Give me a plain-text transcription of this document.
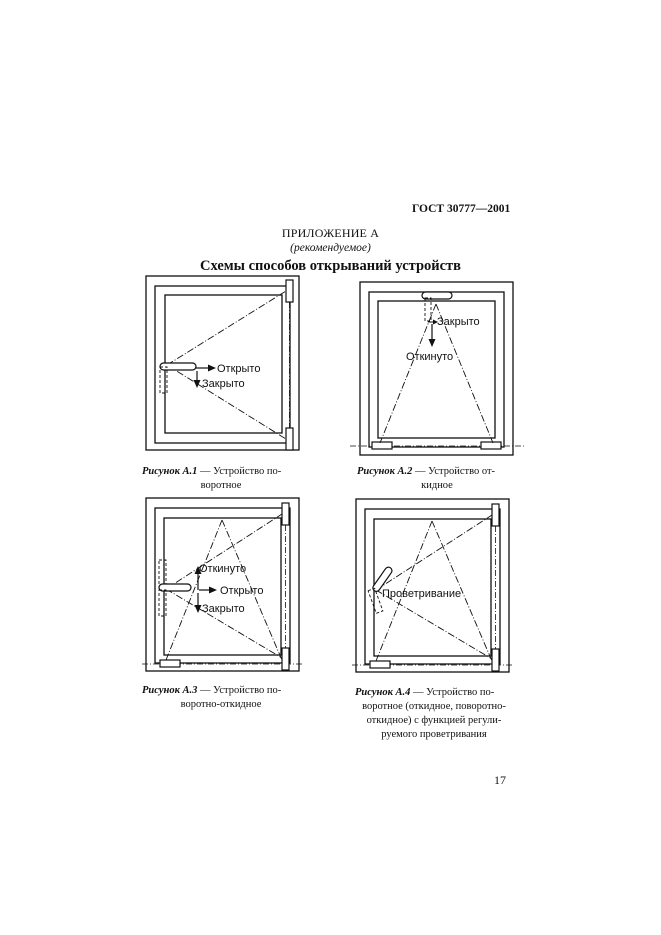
ГОСТ 30777—2001
ПРИЛОЖЕНИЕ А
(рекомендуемое)
Схемы способов открываний устройств
Открыто
Закрыто
Рисунок А.1 — Устройство по-
воротное
Закрыто
Откинуто
Рисунок А.2 — Устройство от-
кидное
Откинуто
Открыто
Закрыто
Рисунок А.3 — Устройство по-
воротно-откидное
Проветривание
Рисунок А.4 — Устройство по-
воротное (откидное, поворотно-
откидное) с функцией регули-
руемого проветривания
17
